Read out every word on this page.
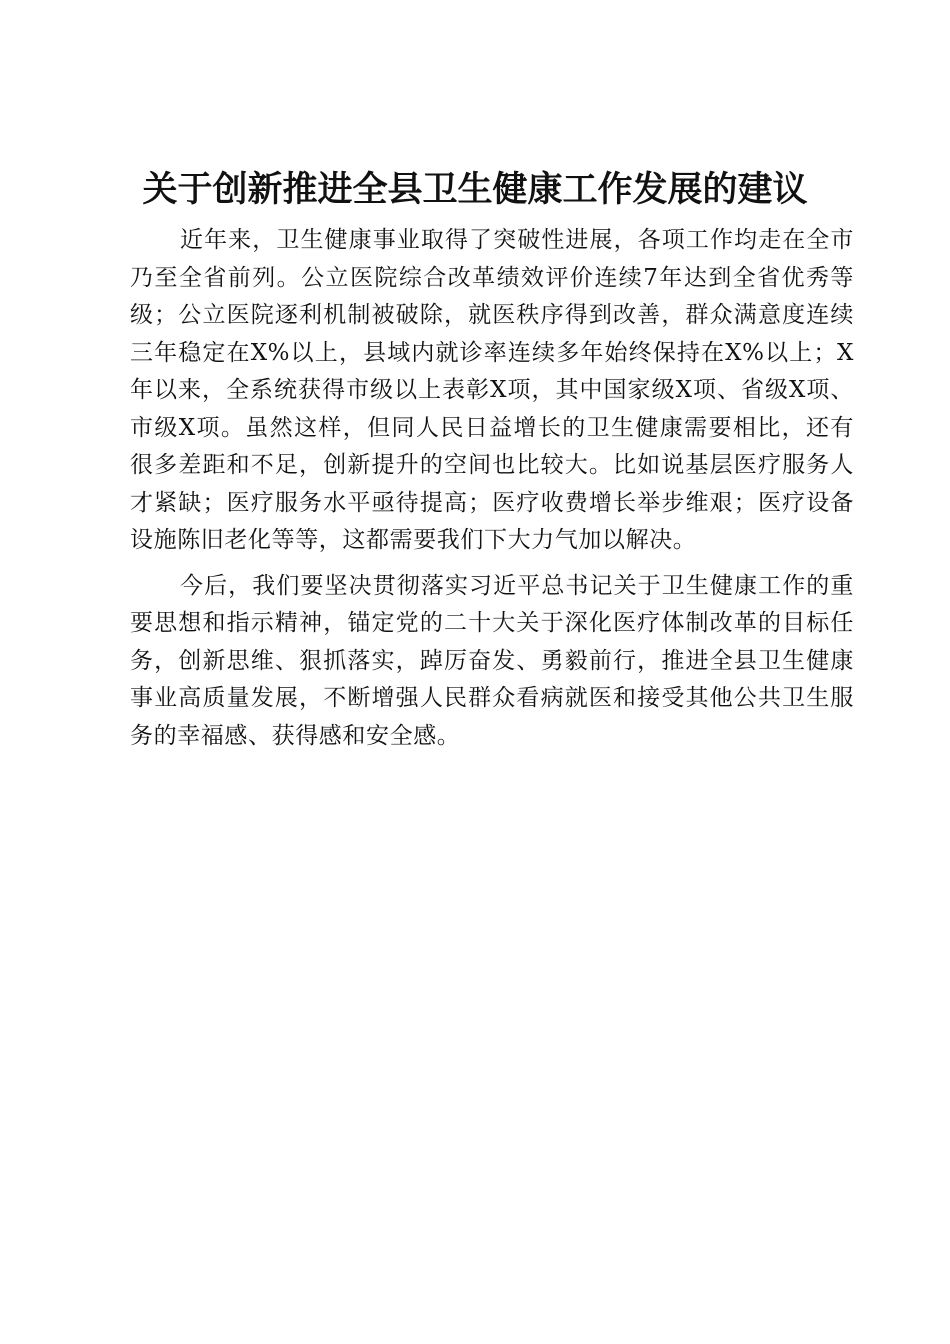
关于创新推进全县卫生健康工作发展的建议

近年来，卫生健康事业取得了突破性进展，各项工作均走在全市乃至全省前列。公立医院综合改革绩效评价连续7年达到全省优秀等级；公立医院逐利机制被破除，就医秩序得到改善，群众满意度连续三年稳定在X%以上，县域内就诊率连续多年始终保持在X%以上；X年以来，全系统获得市级以上表彰X项，其中国家级X项、省级X项、市级X项。虽然这样，但同人民日益增长的卫生健康需要相比，还有很多差距和不足，创新提升的空间也比较大。比如说基层医疗服务人才紧缺；医疗服务水平亟待提高；医疗收费增长举步维艰；医疗设备设施陈旧老化等等，这都需要我们下大力气加以解决。

今后，我们要坚决贯彻落实习近平总书记关于卫生健康工作的重要思想和指示精神，锚定党的二十大关于深化医疗体制改革的目标任务，创新思维、狠抓落实，踔厉奋发、勇毅前行，推进全县卫生健康事业高质量发展，不断增强人民群众看病就医和接受其他公共卫生服务的幸福感、获得感和安全感。
